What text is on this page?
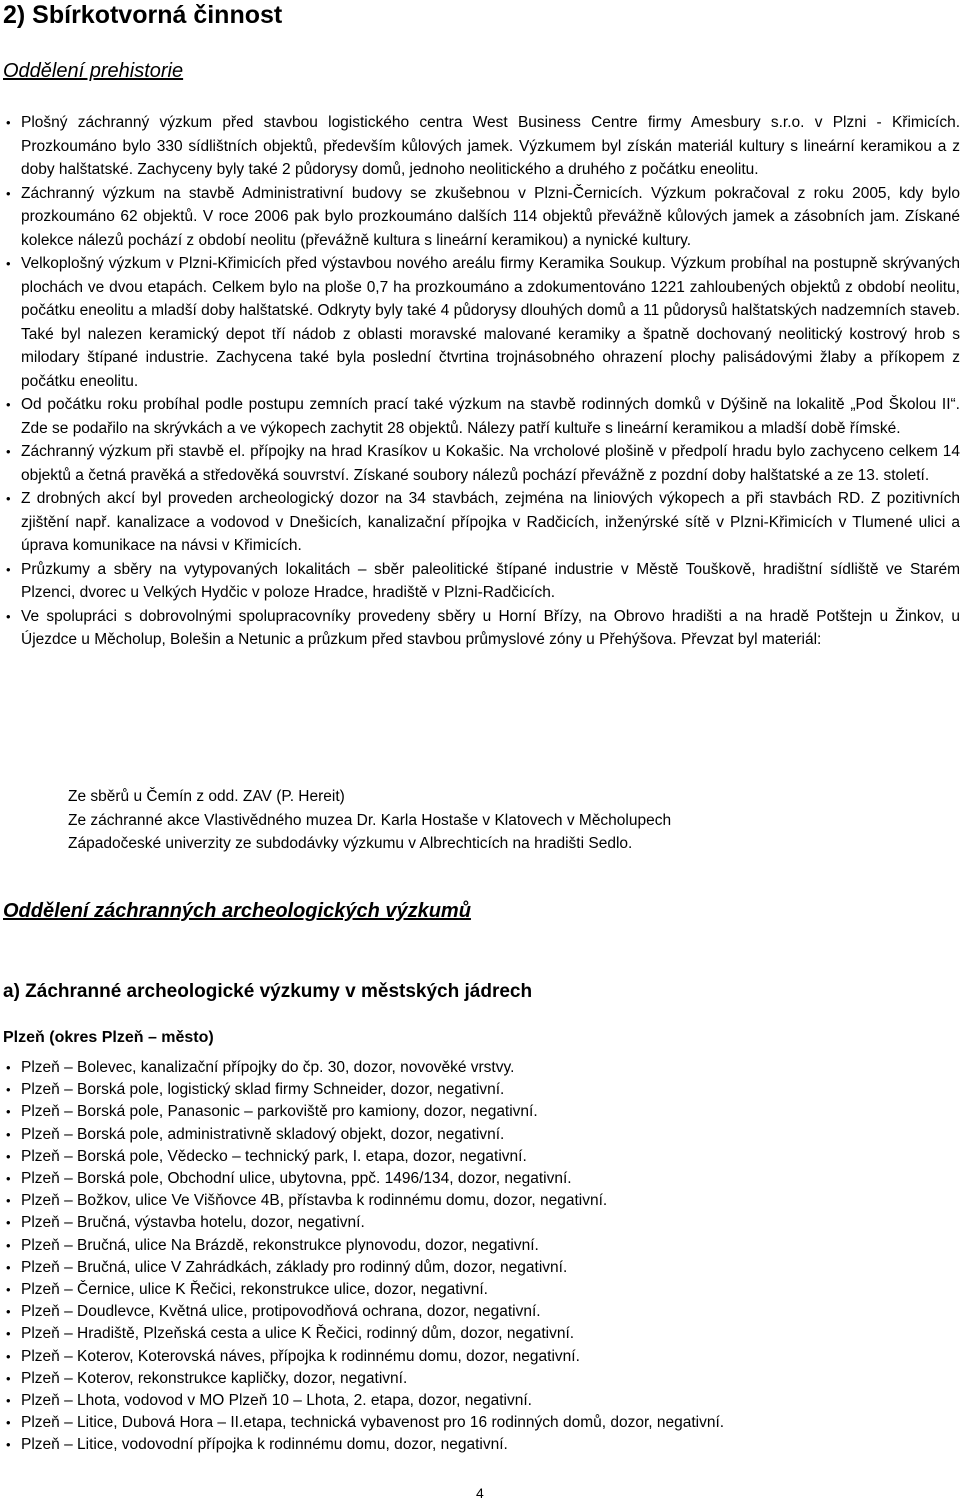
2) Sbírkotvorná činnost
Oddělení prehistorie
• Plošný záchranný výzkum před stavbou logistického centra West Business Centre firmy Amesbury s.r.o. v Plzni - Křimicích. Prozkoumáno bylo 330 sídlištních objektů, především kůlových jamek. Výzkumem byl získán materiál kultury s lineární keramikou a z doby halštatské. Zachyceny byly také 2 půdorysy domů, jednoho neolitického a druhého z počátku eneolitu.
• Záchranný výzkum na stavbě Administrativní budovy se zkušebnou v Plzni-Černicích. Výzkum pokračoval z roku 2005, kdy bylo prozkoumáno 62 objektů. V roce 2006 pak bylo prozkoumáno dalších 114 objektů převážně kůlových jamek a zásobních jam. Získané kolekce nálezů pochází z období neolitu (převážně kultura s lineární keramikou) a nynické kultury.
• Velkoplošný výzkum v Plzni-Křimicích před výstavbou nového areálu firmy Keramika Soukup. Výzkum probíhal na postupně skrývaných plochách ve dvou etapách. Celkem bylo na ploše 0,7 ha prozkoumáno a zdokumentováno 1221 zahloubených objektů z období neolitu, počátku eneolitu a mladší doby halštatské. Odkryty byly také 4 půdorysy dlouhých domů a 11 půdorysů halštatských nadzemních staveb. Také byl nalezen keramický depot tří nádob z oblasti moravské malované keramiky a špatně dochovaný neolitický kostrový hrob s milodary štípané industrie. Zachycena také byla poslední čtvrtina trojnásobného ohrazení plochy palisádovými žlaby a příkopem z počátku eneolitu.
• Od počátku roku probíhal podle postupu zemních prací také výzkum na stavbě rodinných domků v Dýšině na lokalitě „Pod Školou II“. Zde se podařilo na skrývkách a ve výkopech zachytit 28 objektů. Nálezy patří kultuře s lineární keramikou a mladší době římské.
• Záchranný výzkum při stavbě el. přípojky na hrad Krasíkov u Kokašic. Na vrcholové plošině v předpolí hradu bylo zachyceno celkem 14 objektů a četná pravěká a středověká souvrství. Získané soubory nálezů pochází převážně z pozdní doby halštatské a ze 13. století.
• Z drobných akcí byl proveden archeologický dozor na 34 stavbách, zejména na liniových výkopech a při stavbách RD. Z pozitivních zjištění např. kanalizace a vodovod v Dnešicích, kanalizační přípojka v Radčicích, inženýrské sítě v Plzni-Křimicích v Tlumené ulici a úprava komunikace na návsi v Křimicích.
• Průzkumy a sběry na vytypovaných lokalitách – sběr paleolitické štípané industrie v Městě Touškově, hradištní sídliště ve Starém Plzenci, dvorec u Velkých Hydčic v poloze Hradce, hradiště v Plzni-Radčicích.
• Ve spolupráci s dobrovolnými spolupracovníky provedeny sběry u Horní Břízy, na Obrovo hradišti a na hradě Potštejn u Žinkov, u Újezdce u Měcholup, Bolešin a Netunic a průzkum před stavbou průmyslové zóny u Přehýšova. Převzat byl materiál:
Ze sběrů u Čemín z odd. ZAV (P. Hereit)
Ze záchranné akce Vlastivědného muzea Dr. Karla Hostaše v Klatovech v Měcholupech
Západočeské univerzity ze subdodávky výzkumu v Albrechticích na hradišti Sedlo.
Oddělení záchranných archeologických výzkumů
a) Záchranné archeologické výzkumy v městských jádrech
Plzeň (okres Plzeň – město)
• Plzeň – Bolevec, kanalizační přípojky do čp. 30, dozor, novověké vrstvy.
• Plzeň – Borská pole, logistický sklad firmy Schneider, dozor, negativní.
• Plzeň – Borská pole, Panasonic – parkoviště pro kamiony, dozor, negativní.
• Plzeň – Borská pole, administrativně skladový objekt, dozor, negativní.
• Plzeň – Borská pole, Vědecko – technický park, I. etapa, dozor, negativní.
• Plzeň – Borská pole, Obchodní ulice, ubytovna, ppč. 1496/134, dozor, negativní.
• Plzeň – Božkov, ulice Ve Višňovce 4B, přístavba k rodinnému domu, dozor, negativní.
• Plzeň – Bručná, výstavba hotelu, dozor, negativní.
• Plzeň – Bručná, ulice Na Brázdě, rekonstrukce plynovodu, dozor, negativní.
• Plzeň – Bručná, ulice V Zahrádkách, základy pro rodinný dům, dozor, negativní.
• Plzeň – Černice, ulice K Řečici, rekonstrukce ulice, dozor, negativní.
• Plzeň – Doudlevce, Květná ulice, protipovodňová ochrana, dozor, negativní.
• Plzeň – Hradiště, Plzeňská cesta a ulice K Řečici, rodinný dům, dozor, negativní.
• Plzeň – Koterov, Koterovská náves, přípojka k rodinnému domu, dozor, negativní.
• Plzeň – Koterov, rekonstrukce kapličky, dozor, negativní.
• Plzeň – Lhota, vodovod v MO Plzeň 10 – Lhota, 2. etapa, dozor, negativní.
• Plzeň – Litice, Dubová Hora – II.etapa, technická vybavenost pro 16 rodinných domů, dozor, negativní.
• Plzeň – Litice, vodovodní přípojka k rodinnému domu, dozor, negativní.
4
